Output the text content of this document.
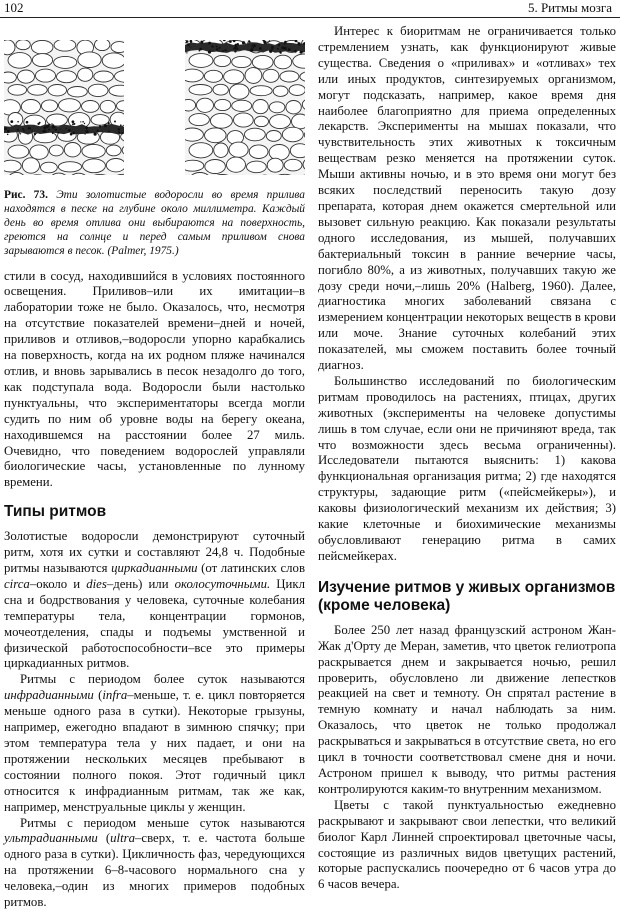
102	5. Ритмы мозга
Рис. 73. Эти золотистые водоросли во время прилива находятся в песке на глубине около миллиметра. Каждый день во время отлива они выбираются на поверхность, греются на солнце и перед самым приливом снова зарываются в песок. (Palmer, 1975.)

стили в сосуд, находившийся в условиях постоянного освещения. Приливов–или их имитации–в лаборатории тоже не было. Оказалось, что, несмотря на отсутствие показателей времени–дней и ночей, приливов и отливов,–водоросли упорно карабкались на поверхность, когда на их родном пляже начинался отлив, и вновь зарывались в песок незадолго до того, как подступала вода. Водоросли были настолько пунктуальны, что экспериментаторы всегда могли судить по ним об уровне воды на берегу океана, находившемся на расстоянии более 27 миль. Очевидно, что поведением водорослей управляли биологические часы, установленные по лунному времени.

Типы ритмов

Золотистые водоросли демонстрируют суточный ритм, хотя их сутки и составляют 24,8 ч. Подобные ритмы называются циркадианными (от латинских слов circa–около и dies–день) или околосуточными. Цикл сна и бодрствования у человека, суточные колебания температуры тела, концентрации гормонов, мочеотделения, спады и подъемы умственной и физической работоспособности–все это примеры циркадианных ритмов.

Ритмы с периодом более суток называются инфрадианными (infra–меньше, т. е. цикл повторяется меньше одного раза в сутки). Некоторые грызуны, например, ежегодно впадают в зимнюю спячку; при этом температура тела у них падает, и они на протяжении нескольких месяцев пребывают в состоянии полного покоя. Этот годичный цикл относится к инфрадианным ритмам, так же как, например, менструальные циклы у женщин.

Ритмы с периодом меньше суток называются ультрадианными (ultra–сверх, т. е. частота больше одного раза в сутки). Цикличность фаз, чередующихся на протяжении 6–8-часового нормального сна у человека,–один из многих примеров подобных ритмов.

Интерес к биоритмам не ограничивается только стремлением узнать, как функционируют живые существа. Сведения о «приливах» и «отливах» тех или иных продуктов, синтезируемых организмом, могут подсказать, например, какое время дня наиболее благоприятно для приема определенных лекарств. Эксперименты на мышах показали, что чувствительность этих животных к токсичным веществам резко меняется на протяжении суток. Мыши активны ночью, и в это время они могут без всяких последствий переносить такую дозу препарата, которая днем окажется смертельной или вызовет сильную реакцию. Как показали результаты одного исследования, из мышей, получавших бактериальный токсин в ранние вечерние часы, погибло 80%, а из животных, получавших такую же дозу среди ночи,–лишь 20% (Halberg, 1960). Далее, диагностика многих заболеваний связана с измерением концентрации некоторых веществ в крови или моче. Знание суточных колебаний этих показателей, мы сможем поставить более точный диагноз.

Большинство исследований по биологическим ритмам проводилось на растениях, птицах, других животных (эксперименты на человеке допустимы лишь в том случае, если они не причиняют вреда, так что возможности здесь весьма ограниченны). Исследователи пытаются выяснить: 1) какова функциональная организация ритма; 2) где находятся структуры, задающие ритм («пейсмейкеры»), и каковы физиологический механизм их действия; 3) какие клеточные и биохимические механизмы обусловливают генерацию ритма в самих пейсмейкерах.

Изучение ритмов у живых организмов (кроме человека)

Более 250 лет назад французский астроном Жан-Жак д'Орту де Меран, заметив, что цветок гелиотропа раскрывается днем и закрывается ночью, решил проверить, обусловлено ли движение лепестков реакцией на свет и темноту. Он спрятал растение в темную комнату и начал наблюдать за ним. Оказалось, что цветок не только продолжал раскрываться и закрываться в отсутствие света, но его цикл в точности соответствовал смене дня и ночи. Астроном пришел к выводу, что ритмы растения контролируются каким-то внутренним механизмом.

Цветы с такой пунктуальностью ежедневно раскрывают и закрывают свои лепестки, что великий биолог Карл Линней спроектировал цветочные часы, состоящие из различных видов цветущих растений, которые распускались поочередно от 6 часов утра до 6 часов вечера.
